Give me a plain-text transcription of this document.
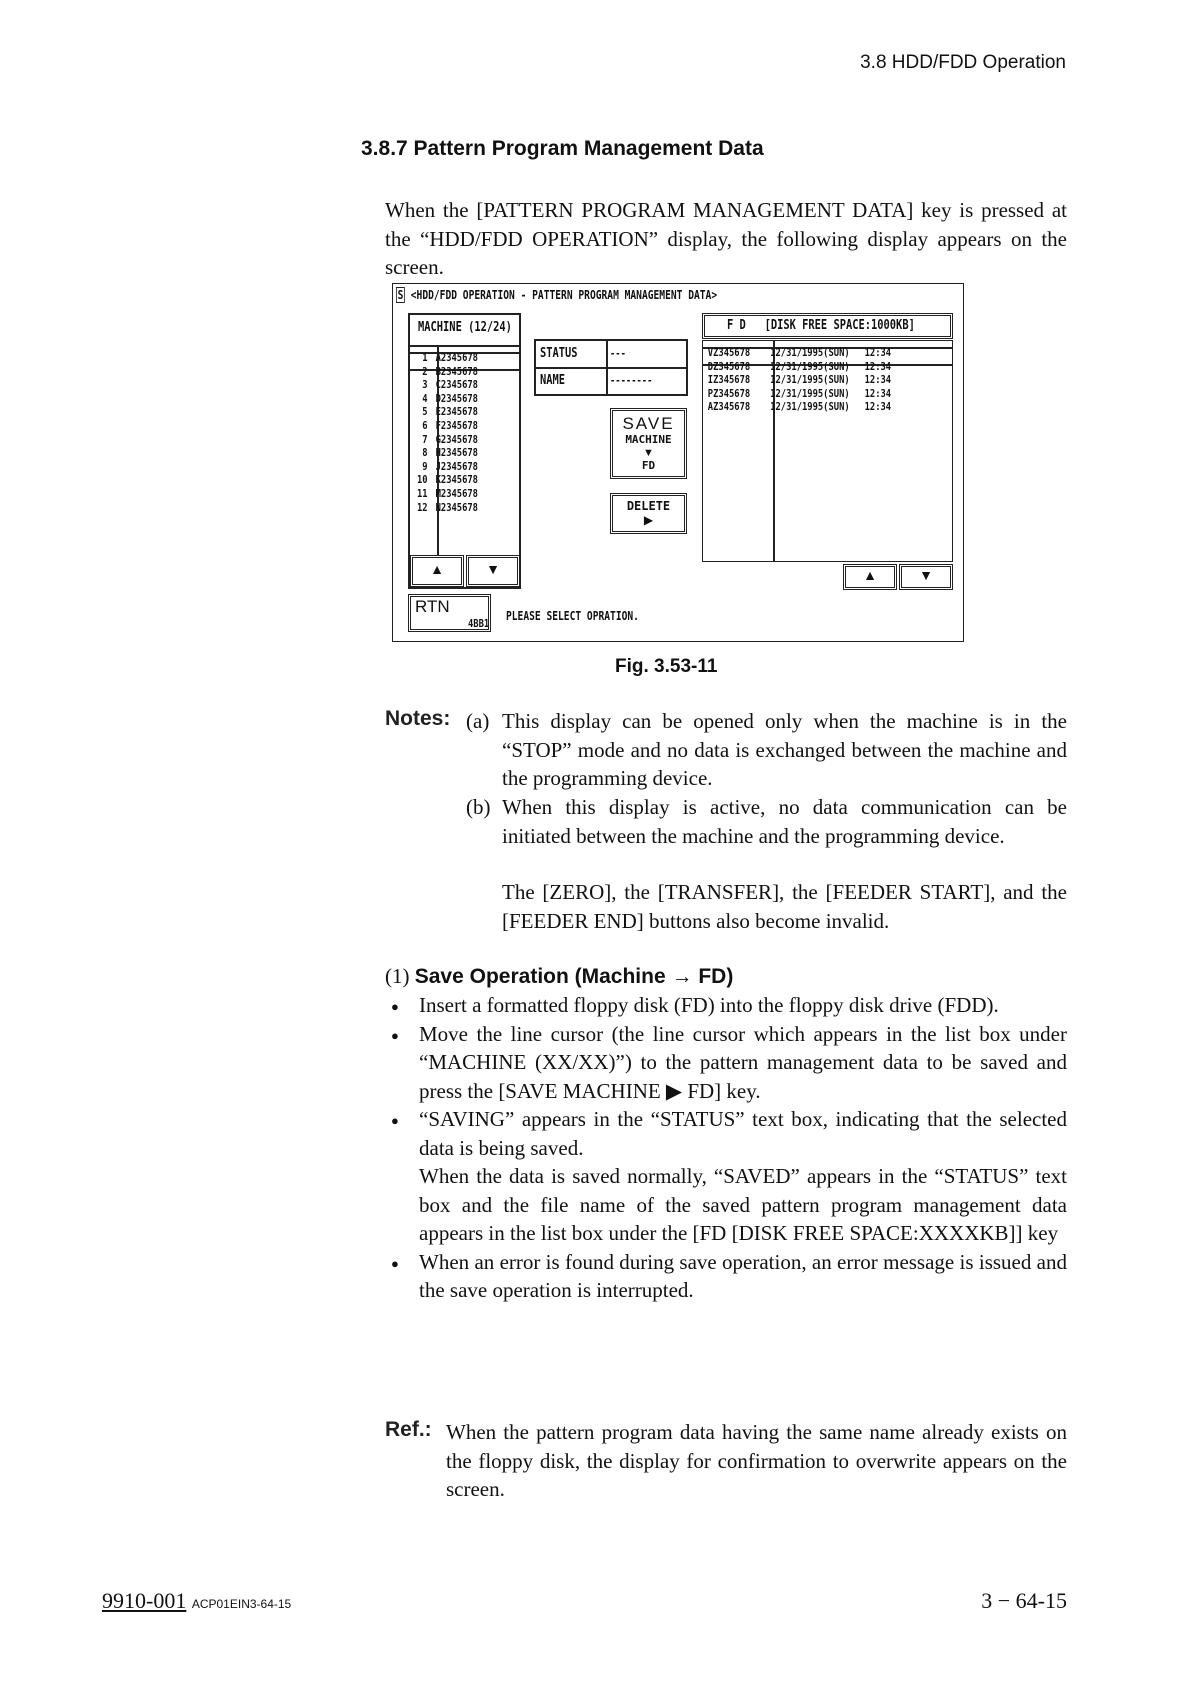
3.8 HDD/FDD Operation
3.8.7 Pattern Program Management Data
When the [PATTERN PROGRAM MANAGEMENT DATA] key is pressed at the “HDD/FDD OPERATION” display, the following display appears on the screen.
S <HDD/FDD OPERATION - PATTERN PROGRAM MANAGEMENT DATA>
MACHINE (12/24)
1 A2345678
2 B2345678
3 C2345678
4 D2345678
5 E2345678
6 F2345678
7 G2345678
8 H2345678
9 J2345678
10 K2345678
11 M2345678
12 N2345678
▲	▼
STATUS	---
NAME	--------
SAVE
MACHINE
▼
FD
DELETE
▶
F D   [DISK FREE SPACE:1000KB]
VZ345678 12/31/1995(SUN) 12:34
DZ345678 12/31/1995(SUN) 12:34
IZ345678 12/31/1995(SUN) 12:34
PZ345678 12/31/1995(SUN) 12:34
AZ345678 12/31/1995(SUN) 12:34
▲	▼
RTN
4BB1
PLEASE SELECT OPRATION.
Fig. 3.53-11
Notes: (a) This display can be opened only when the machine is in the “STOP” mode and no data is exchanged between the machine and the programming device.
(b) When this display is active, no data communication can be initiated between the machine and the programming device.
The [ZERO], the [TRANSFER], the [FEEDER START], and the [FEEDER END] buttons also become invalid.
(1) Save Operation (Machine → FD)
● Insert a formatted floppy disk (FD) into the floppy disk drive (FDD).
● Move the line cursor (the line cursor which appears in the list box under “MACHINE (XX/XX)”) to the pattern management data to be saved and press the [SAVE MACHINE ▶ FD] key.
● “SAVING” appears in the “STATUS” text box, indicating that the selected data is being saved.
When the data is saved normally, “SAVED” appears in the “STATUS” text box and the file name of the saved pattern program management data appears in the list box under the [FD [DISK FREE SPACE:XXXXKB]] key
● When an error is found during save operation, an error message is issued and the save operation is interrupted.
Ref.: When the pattern program data having the same name already exists on the floppy disk, the display for confirmation to overwrite appears on the screen.
9910-001 ACP01EIN3-64-15	3 − 64-15
